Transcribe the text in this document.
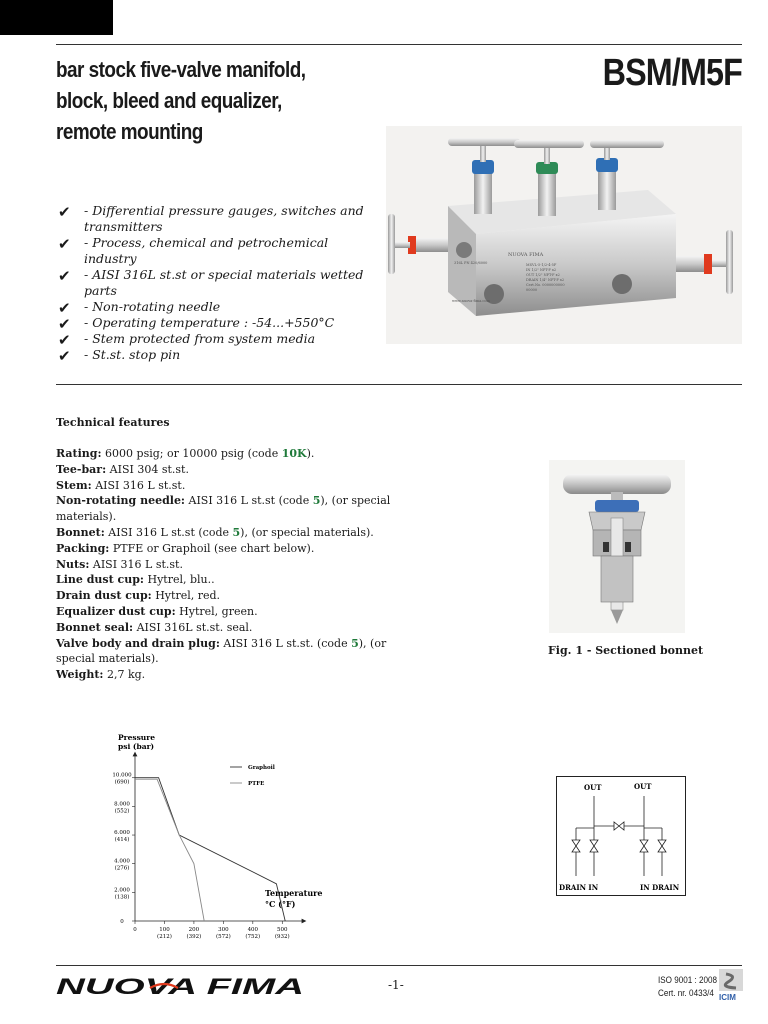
bar stock five-valve manifold,
block, bleed and equalizer,
remote mounting
BSM/M5F
✔ - Differential pressure gauges, switches and transmitters
✔ - Process, chemical and petrochemical industry
✔ - AISI 316L st.st or special materials wetted parts
✔ - Non-rotating needle
✔ - Operating temperature : -54...+550°C
✔ - Stem protected from system media
✔ - St.st. stop pin
NUOVA FIMA
MSVL-5-1/2-4-5F
IN 1/2" NPT-F x2
OUT 1/2" NPT-F x2
DRAIN 1/4" NPT-F x2
Cert.No. 0000000000
00000
316L PN 420/6000
www.nuova-fima.com
Technical features

Rating: 6000 psig; or 10000 psig (code 10K).

Tee-bar: AISI 304 st.st.

Stem: AISI 316 L st.st.

Non-rotating needle: AISI 316 L st.st (code 5), (or special materials).

Bonnet: AISI 316 L st.st (code 5), (or special materials).

Packing: PTFE or Graphoil (see chart below).

Nuts: AISI 316 L st.st.

Line dust cup: Hytrel, blu..

Drain dust cup: Hytrel, red.

Equalizer dust cup: Hytrel, green.

Bonnet seal: AISI 316L st.st. seal.

Valve body and drain plug: AISI 316 L st.st. (code 5), (or special materials).

Weight: 2,7 kg.

Fig. 1 - Sectioned bonnet
Pressure
psi (bar)
Temperature
°C (°F)
10.000
(690)
8.000
(552)
6.000
(414)
4.000
(276)
2.000
(138)
0
0	100
(212)
200
(392)
300
(572)
400
(752)
500
(932)
Graphoil
PTFE	OUT	OUT
DRAIN IN	IN DRAIN
NUOVA FIMA	-1-	ISO 9001 : 2008
Cert. nr. 0433/4 ICIM
